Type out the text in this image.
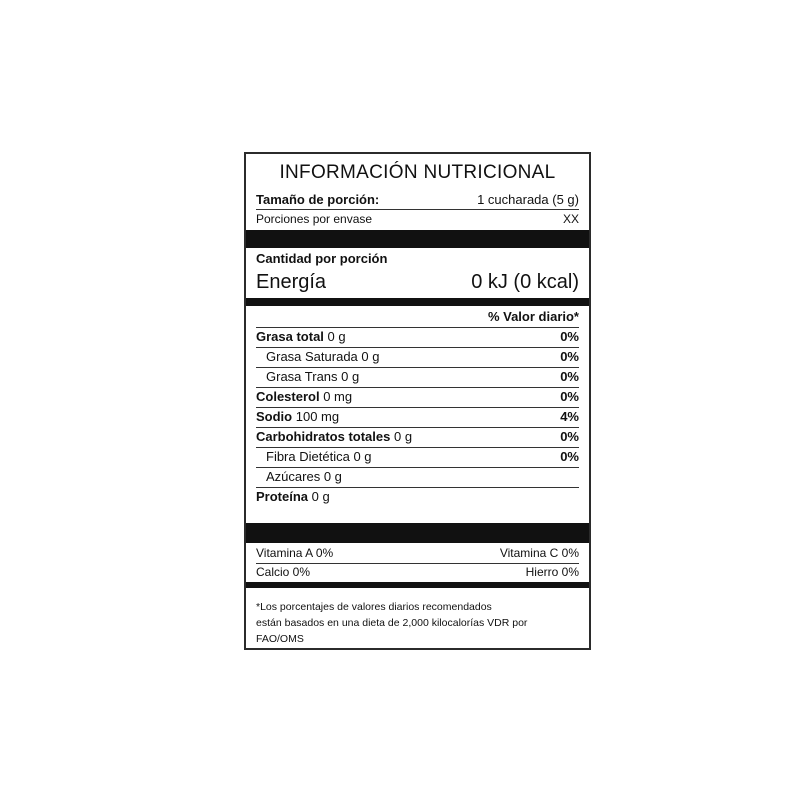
INFORMACIÓN NUTRICIONAL
Tamaño de porción:	1 cucharada (5 g)
Porciones por envase	XX
Cantidad por porción
Energía	0 kJ (0 kcal)
% Valor diario*
Grasa total 0 g	0%
Grasa Saturada 0 g	0%
Grasa Trans 0 g	0%
Colesterol 0 mg	0%
Sodio 100 mg	4%
Carbohidratos totales 0 g	0%
Fibra Dietética 0 g	0%
Azúcares 0 g
Proteína 0 g
Vitamina A 0%	Vitamina C 0%
Calcio 0%	Hierro 0%
*Los porcentajes de valores diarios recomendados
están basados en una dieta de 2,000 kilocalorías VDR por
FAO/OMS
